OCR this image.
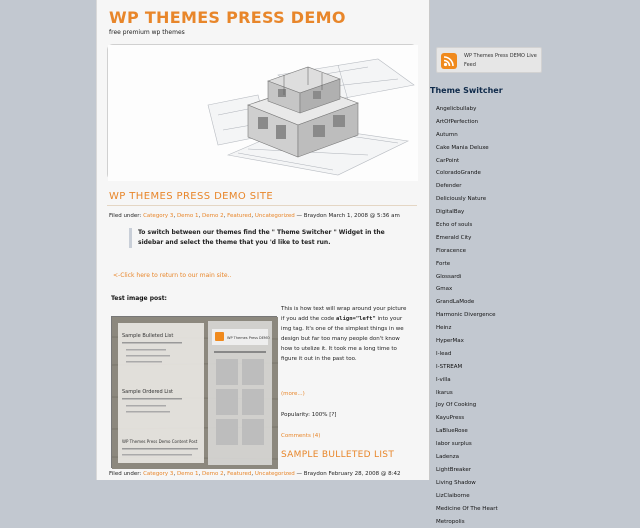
WP THEMES PRESS DEMO
free premium wp themes
WP THEMES PRESS DEMO SITE
Filed under: Category 3, Demo 1, Demo 2, Featured, Uncategorized — Braydon March 1, 2008 @ 5:36 am
To switch between our themes find the " Theme Switcher " Widget in the sidebar and select the theme that you 'd like to test run.
<-Click here to return to our main site..
Test image post:
WP Themes Press DEMO
Sample Bulleted List
Sample Ordered List
WP Themes Press Demo Content Post
This is how text will wrap around your picture if you add the code align="left" into your img tag. It's one of the simplest things in we design but far too many people don't know how to utelize it. It took me a long time to figure it out in the past too.
(more...)
Popularity: 100% [?]
Comments (4)
SAMPLE BULLETED LIST
Filed under: Category 3, Demo 1, Demo 2, Featured, Uncategorized — Braydon February 28, 2008 @ 8:42
WP Themes Press DEMO Live Feed
Theme Switcher
Angelicbullaby
ArtOfPerfection
Autumn
Cake Mania Deluxe
CarPoint
ColoradoGrande
Defender
Deliciously Nature
DigitalBay
Echo of souls
Emerald City
Floracence
Forte
Glossardi
Gmax
GrandLaMode
Harmonic Divergence
Heinz
HyperMax
I-lead
I-STREAM
I-villa
Ikarus
Joy Of Cooking
KayuPress
LaBlueRose
labor surplus
Ladenza
LightBreaker
Living Shadow
LizClaiborne
Medicine Of The Heart
Metropolis
